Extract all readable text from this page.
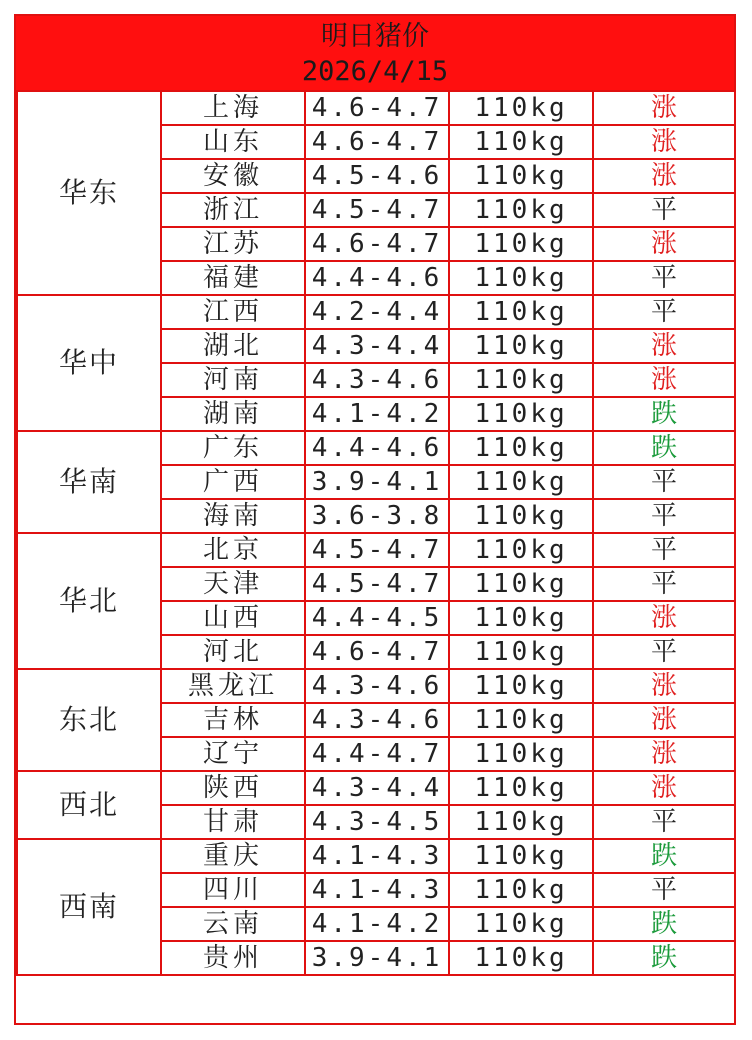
明日猪价
2026/4/15
华东	上海	4.6-4.7	110kg	涨
	山东	4.6-4.7	110kg	涨
	安徽	4.5-4.6	110kg	涨
	浙江	4.5-4.7	110kg	平
	江苏	4.6-4.7	110kg	涨
	福建	4.4-4.6	110kg	平
华中	江西	4.2-4.4	110kg	平
	湖北	4.3-4.4	110kg	涨
	河南	4.3-4.6	110kg	涨
	湖南	4.1-4.2	110kg	跌
华南	广东	4.4-4.6	110kg	跌
	广西	3.9-4.1	110kg	平
	海南	3.6-3.8	110kg	平
华北	北京	4.5-4.7	110kg	平
	天津	4.5-4.7	110kg	平
	山西	4.4-4.5	110kg	涨
	河北	4.6-4.7	110kg	平
东北	黑龙江	4.3-4.6	110kg	涨
	吉林	4.3-4.6	110kg	涨
	辽宁	4.4-4.7	110kg	涨
西北	陕西	4.3-4.4	110kg	涨
	甘肃	4.3-4.5	110kg	平
西南	重庆	4.1-4.3	110kg	跌
	四川	4.1-4.3	110kg	平
	云南	4.1-4.2	110kg	跌
	贵州	3.9-4.1	110kg	跌
